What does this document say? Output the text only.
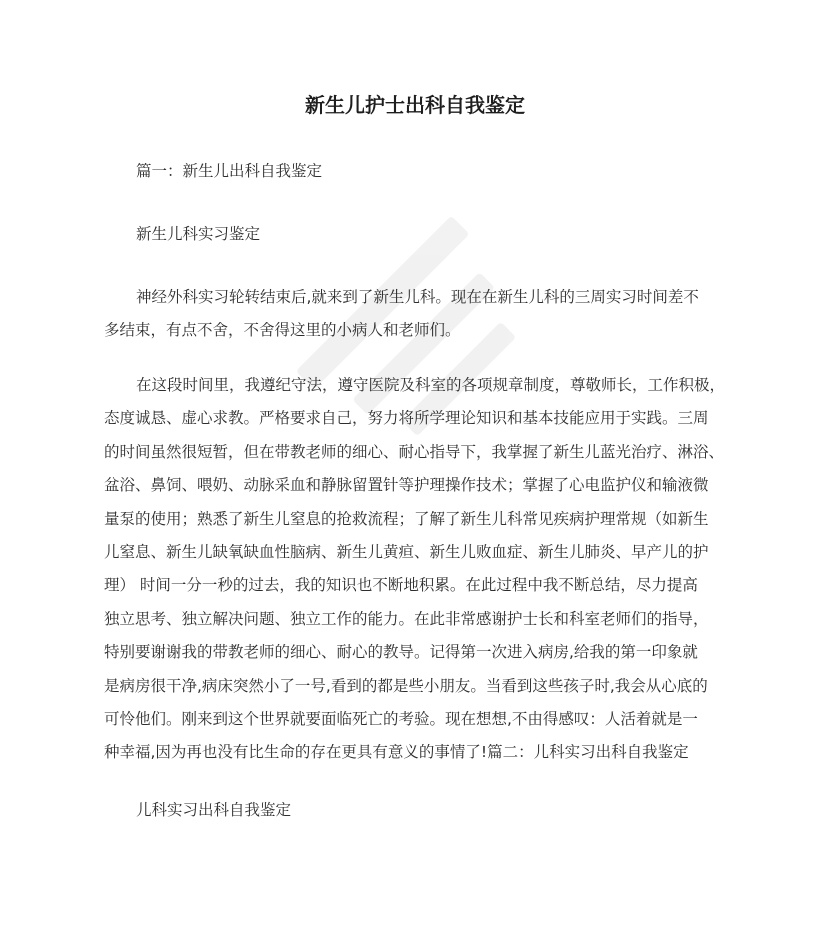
新生儿护士出科自我鉴定
篇一：新生儿出科自我鉴定
新生儿科实习鉴定
神经外科实习轮转结束后,就来到了新生儿科。现在在新生儿科的三周实习时间差不
多结束，有点不舍，不舍得这里的小病人和老师们。
在这段时间里，我遵纪守法，遵守医院及科室的各项规章制度，尊敬师长，工作积极，
态度诚恳、虚心求教。严格要求自己，努力将所学理论知识和基本技能应用于实践。三周
的时间虽然很短暂，但在带教老师的细心、耐心指导下，我掌握了新生儿蓝光治疗、淋浴、
盆浴、鼻饲、喂奶、动脉采血和静脉留置针等护理操作技术；掌握了心电监护仪和输液微
量泵的使用；熟悉了新生儿窒息的抢救流程；了解了新生儿科常见疾病护理常规（如新生
儿窒息、新生儿缺氧缺血性脑病、新生儿黄疸、新生儿败血症、新生儿肺炎、早产儿的护
理） 时间一分一秒的过去，我的知识也不断地积累。在此过程中我不断总结，尽力提高
独立思考、独立解决问题、独立工作的能力。在此非常感谢护士长和科室老师们的指导，
特别要谢谢我的带教老师的细心、耐心的教导。记得第一次进入病房,给我的第一印象就
是病房很干净,病床突然小了一号,看到的都是些小朋友。当看到这些孩子时,我会从心底的
可怜他们。刚来到这个世界就要面临死亡的考验。现在想想,不由得感叹：人活着就是一
种幸福,因为再也没有比生命的存在更具有意义的事情了!篇二：儿科实习出科自我鉴定
儿科实习出科自我鉴定
